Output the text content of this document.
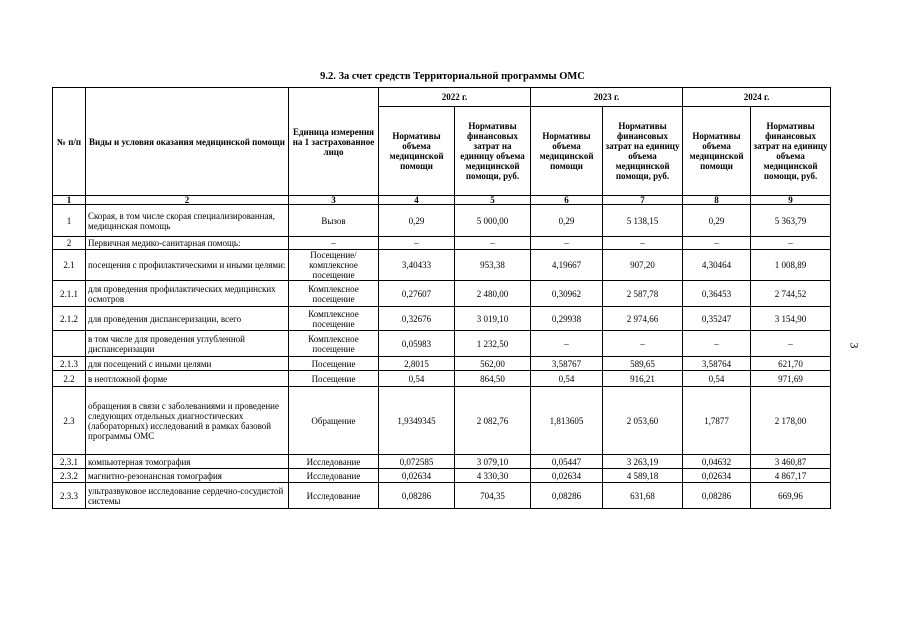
9.2. За счет средств Территориальной программы ОМС
№ п/п	Виды и условия оказания медицинской помощи	Единица измерения на 1 застрахованное лицо	2022 г.		2023 г.		2024 г.	
			Нормативы объема медицинской помощи	Нормативы финансовых затрат на единицу объема медицинской помощи, руб.	Нормативы объема медицинской помощи	Нормативы финансовых затрат на единицу объема медицинской помощи, руб.	Нормативы объема медицинской помощи	Нормативы финансовых затрат на единицу объема медицинской помощи, руб.
1	2	3	4	5	6	7	8	9
1	Скорая, в том числе скорая специализированная, медицинская помощь	Вызов	0,29	5 000,00	0,29	5 138,15	0,29	5 363,79
2	Первичная медико-санитарная помощь:	–	–	–	–	–	–	–
2.1	посещения с профилактическими и иными целями:	Посещение/ комплексное посещение	3,40433	953,38	4,19667	907,20	4,30464	1 008,89
2.1.1	для проведения профилактических медицинских осмотров	Комплексное посещение	0,27607	2 480,00	0,30962	2 587,78	0,36453	2 744,52
2.1.2	для проведения диспансеризации, всего	Комплексное посещение	0,32676	3 019,10	0,29938	2 974,66	0,35247	3 154,90
	в том числе для проведения углубленной диспансеризации	Комплексное посещение	0,05983	1 232,50	–	–	–	–
2.1.3	для посещений с иными целями	Посещение	2,8015	562,00	3,58767	589,65	3,58764	621,70
2.2	в неотложной форме	Посещение	0,54	864,50	0,54	916,21	0,54	971,69
2.3	обращения в связи с заболеваниями и проведение следующих отдельных диагностических (лабораторных) исследований в рамках базовой программы ОМС	Обращение	1,9349345	2 082,76	1,813605	2 053,60	1,7877	2 178,00
2.3.1	компьютерная томография	Исследование	0,072585	3 079,10	0,05447	3 263,19	0,04632	3 460,87
2.3.2	магнитно-резонансная томография	Исследование	0,02634	4 330,30	0,02634	4 589,18	0,02634	4 867,17
2.3.3	ультразвуковое исследование сердечно-сосудистой системы	Исследование	0,08286	704,35	0,08286	631,68	0,08286	669,96
3
